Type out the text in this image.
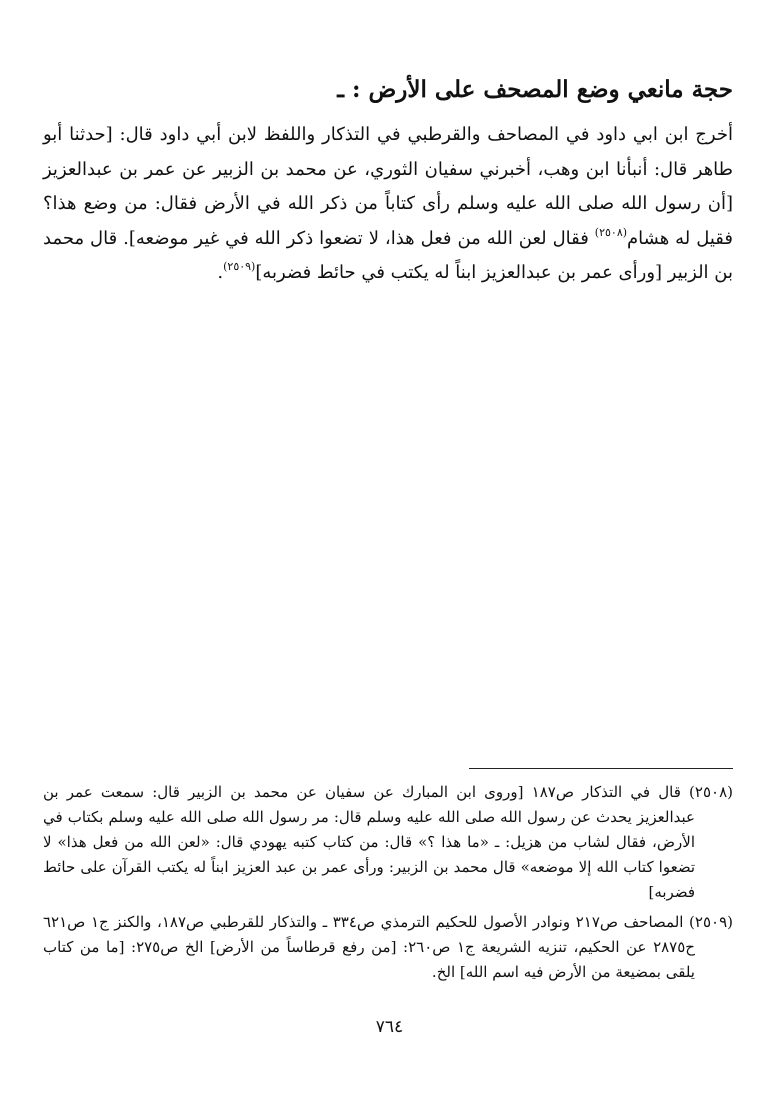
حجة مانعي وضع المصحف على الأرض : ـ

أخرج ابن ابي داود في المصاحف والقرطبي في التذكار واللفظ لابن أبي داود قال: [حدثنا أبو طاهر قال: أنبأنا ابن وهب، أخبرني سفيان الثوري، عن محمد بن الزبير عن عمر بن عبدالعزيز [أن رسول الله صلى الله عليه وسلم رأى كتاباً من ذكر الله في الأرض فقال: من وضع هذا؟ فقيل له هشام$^{(٢٥٠٨)}$ فقال لعن الله من فعل هذا، لا تضعوا ذكر الله في غير موضعه]. قال محمد بن الزبير [ورأى عمر بن عبدالعزيز ابناً له يكتب في حائط فضربه]$^{(٢٥٠٩)}$.

(٢٥٠٨) قال في التذكار ص١٨٧ [وروى ابن المبارك عن سفيان عن محمد بن الزبير قال: سمعت عمر بن عبدالعزيز يحدث عن رسول الله صلى الله عليه وسلم قال: مر رسول الله صلى الله عليه وسلم بكتاب في الأرض، فقال لشاب من هزيل: ـ «ما هذا ؟» قال: من كتاب كتبه يهودي قال: «لعن الله من فعل هذا» لا تضعوا كتاب الله إلا موضعه» قال محمد بن الزبير: ورأى عمر بن عبد العزيز ابناً له يكتب القرآن على حائط فضربه]

(٢٥٠٩) المصاحف ص٢١٧ ونوادر الأصول للحكيم الترمذي ص٣٣٤ ـ والتذكار للقرطبي ص١٨٧، والكنز ج١ ص٦٢١ ح٢٨٧٥ عن الحكيم، تنزيه الشريعة ج١ ص٢٦٠: [من رفع قرطاساً من الأرض] الخ ص٢٧٥: [ما من كتاب يلقى بمضيعة من الأرض فيه اسم الله] الخ.

٧٦٤
